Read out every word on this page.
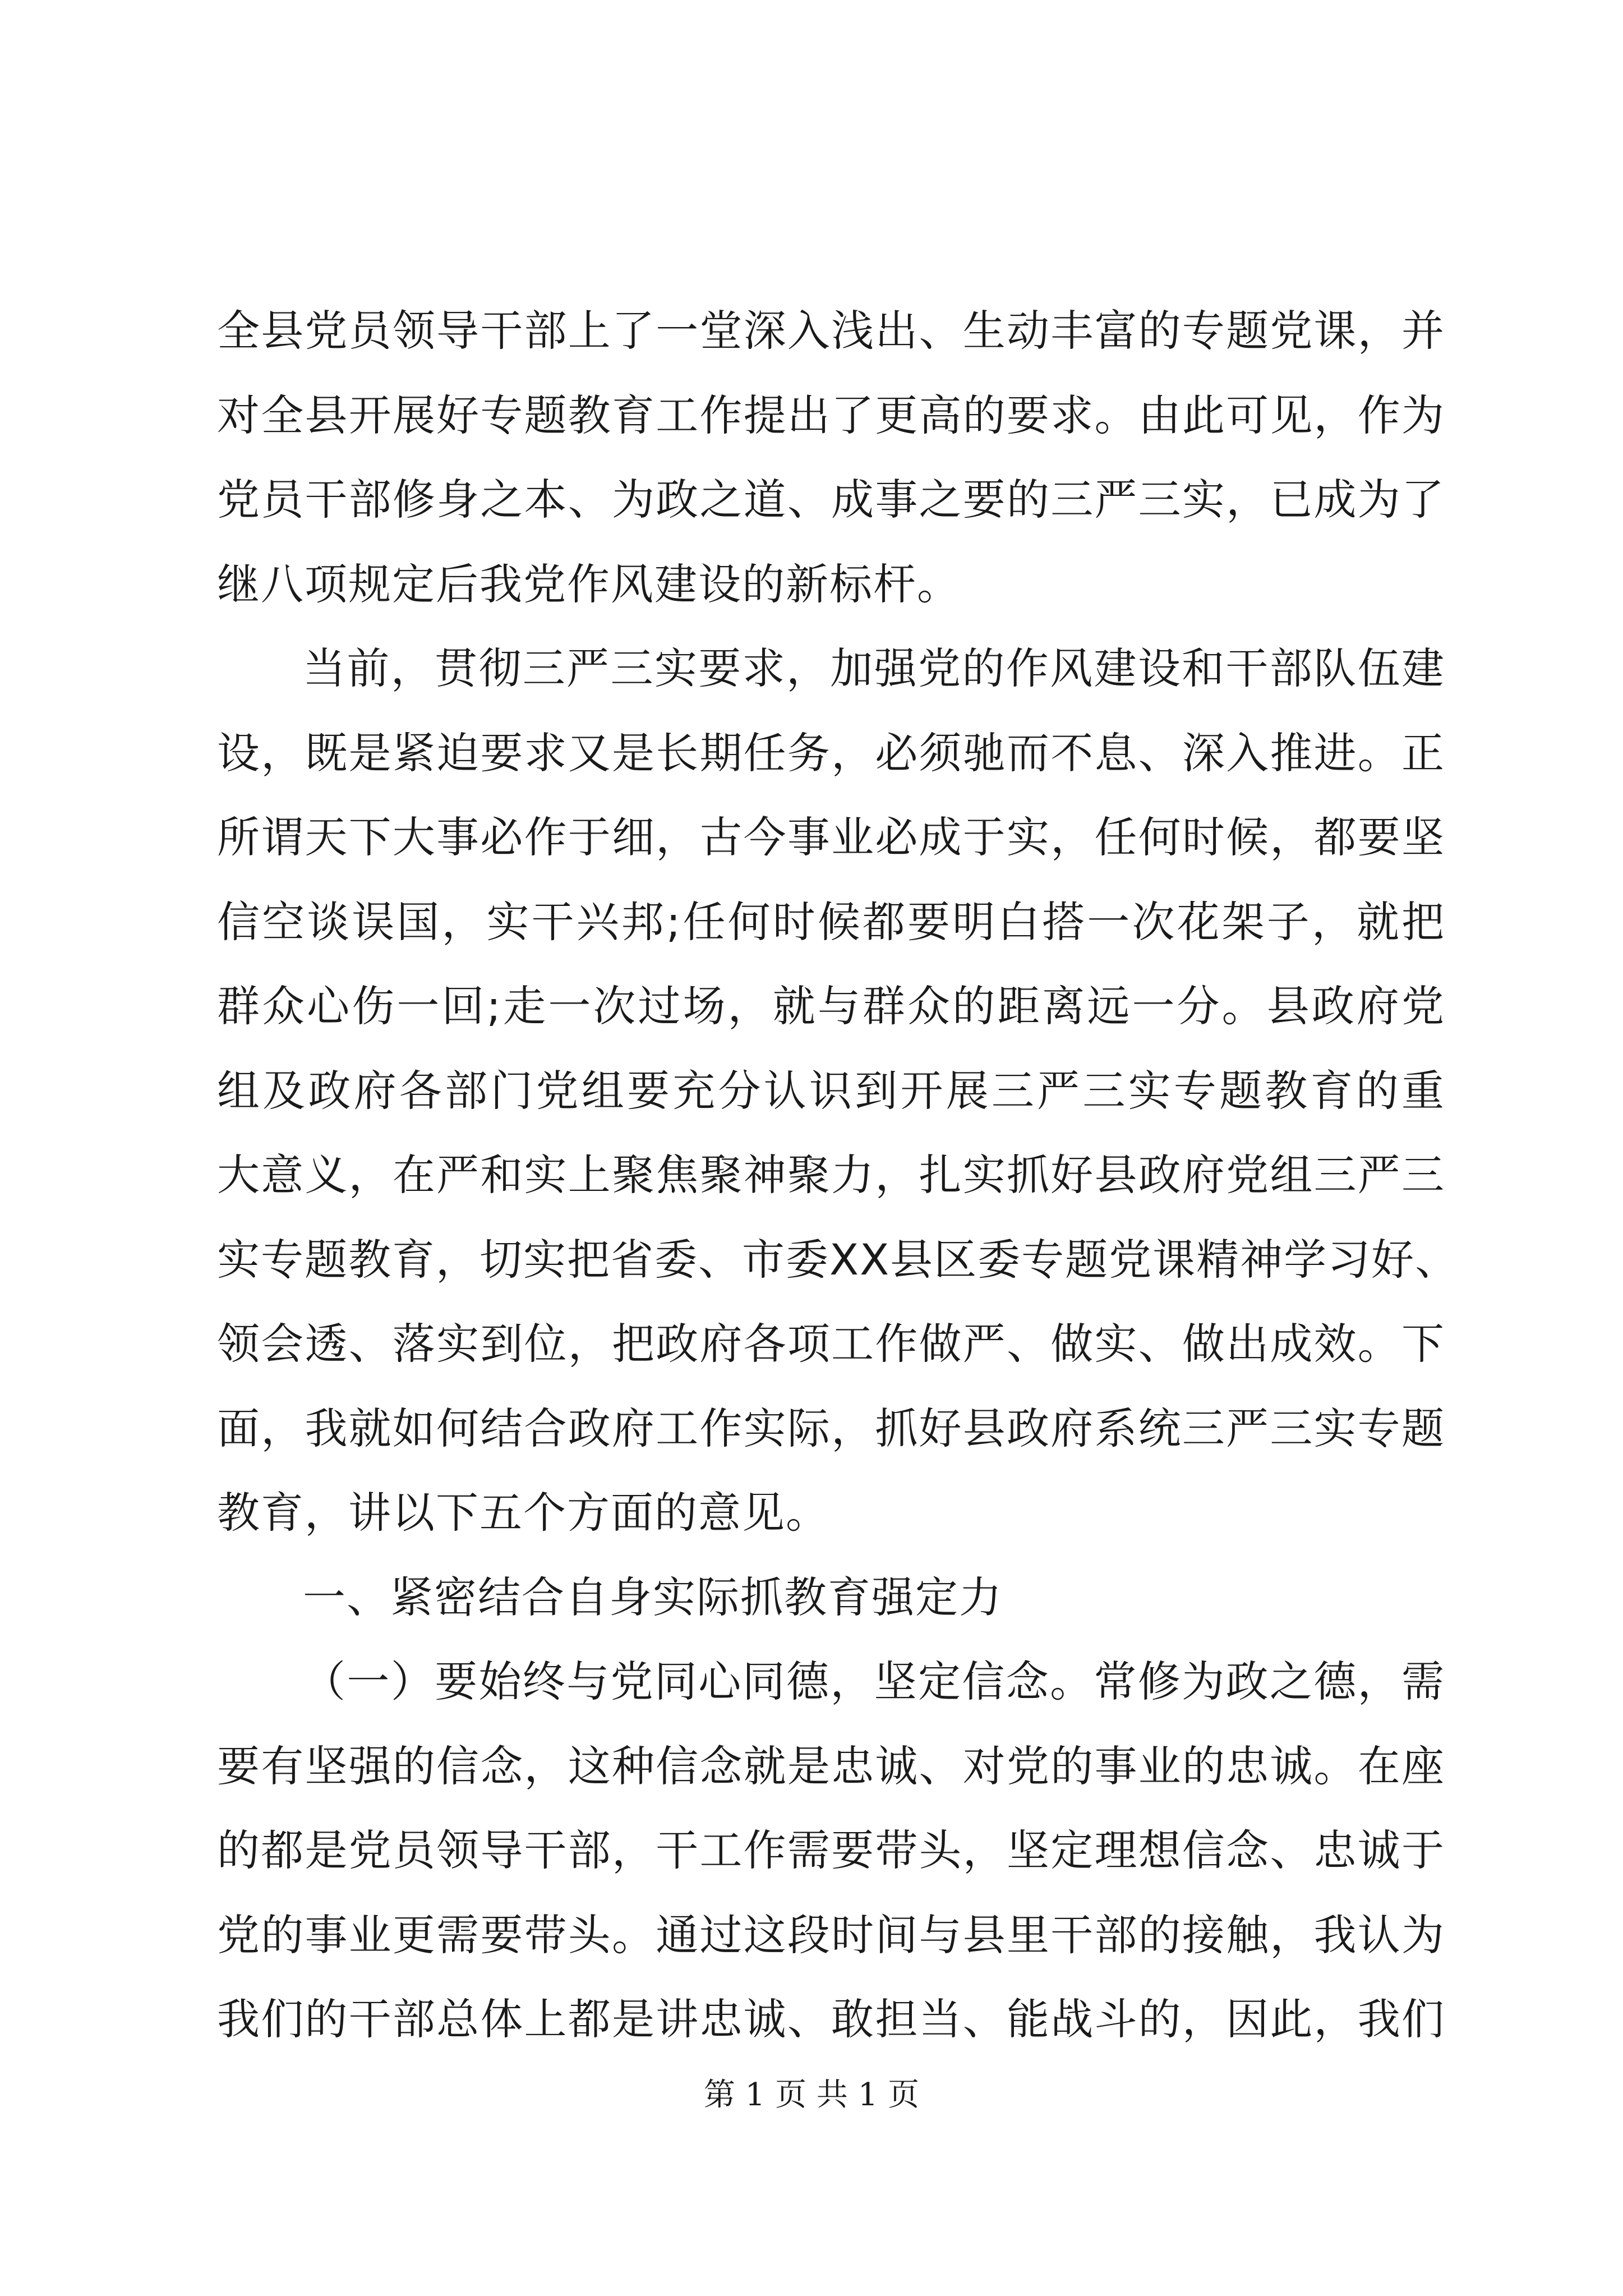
全县党员领导干部上了一堂深入浅出、生动丰富的专题党课，并

对全县开展好专题教育工作提出了更高的要求。由此可见，作为

党员干部修身之本、为政之道、成事之要的三严三实，已成为了

继八项规定后我党作风建设的新标杆。

当前，贯彻三严三实要求，加强党的作风建设和干部队伍建

设，既是紧迫要求又是长期任务，必须驰而不息、深入推进。正

所谓天下大事必作于细，古今事业必成于实，任何时候，都要坚

信空谈误国，实干兴邦;任何时候都要明白搭一次花架子，就把

群众心伤一回;走一次过场，就与群众的距离远一分。县政府党

组及政府各部门党组要充分认识到开展三严三实专题教育的重

大意义，在严和实上聚焦聚神聚力，扎实抓好县政府党组三严三

实专题教育，切实把省委、市委XX县区委专题党课精神学习好、

领会透、落实到位，把政府各项工作做严、做实、做出成效。下

面，我就如何结合政府工作实际，抓好县政府系统三严三实专题

教育，讲以下五个方面的意见。

一、紧密结合自身实际抓教育强定力

（一）要始终与党同心同德，坚定信念。常修为政之德，需

要有坚强的信念，这种信念就是忠诚、对党的事业的忠诚。在座

的都是党员领导干部，干工作需要带头，坚定理想信念、忠诚于

党的事业更需要带头。通过这段时间与县里干部的接触，我认为

我们的干部总体上都是讲忠诚、敢担当、能战斗的，因此，我们

第 1 页 共 1 页
